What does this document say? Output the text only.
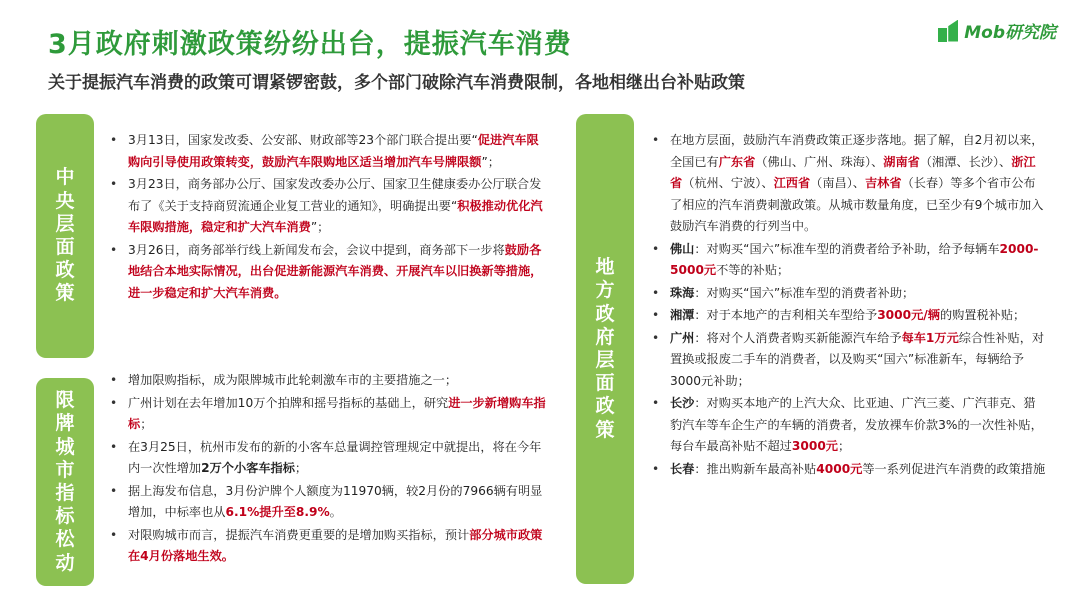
3月政府刺激政策纷纷出台，提振汽车消费
关于提振汽车消费的政策可谓紧锣密鼓，多个部门破除汽车消费限制，各地相继出台补贴政策
Mob研究院
中
央
层
面
政
策
限
牌
城
市
指
标
松
动
地
方
政
府
层
面
政
策
• 3月13日，国家发改委、公安部、财政部等23个部门联合提出要“促进汽车限购向引导使用政策转变，鼓励汽车限购地区适当增加汽车号牌限额”；
• 3月23日，商务部办公厅、国家发改委办公厅、国家卫生健康委办公厅联合发布了《关于支持商贸流通企业复工营业的通知》，明确提出要“积极推动优化汽车限购措施，稳定和扩大汽车消费”；
• 3月26日，商务部举行线上新闻发布会，会议中提到，商务部下一步将鼓励各地结合本地实际情况，出台促进新能源汽车消费、开展汽车以旧换新等措施，进一步稳定和扩大汽车消费。
• 增加限购指标，成为限牌城市此轮刺激车市的主要措施之一；
• 广州计划在去年增加10万个拍牌和摇号指标的基础上，研究进一步新增购车指标；
• 在3月25日，杭州市发布的新的小客车总量调控管理规定中就提出，将在今年内一次性增加2万个小客车指标；
• 据上海发布信息，3月份沪牌个人额度为11970辆，较2月份的7966辆有明显增加，中标率也从6.1%提升至8.9%。
• 对限购城市而言，提振汽车消费更重要的是增加购买指标，预计部分城市政策在4月份落地生效。
• 在地方层面，鼓励汽车消费政策正逐步落地。据了解，自2月初以来，全国已有广东省（佛山、广州、珠海）、湖南省（湘潭、长沙）、浙江省（杭州、宁波）、江西省（南昌）、吉林省（长春）等多个省市公布了相应的汽车消费刺激政策。从城市数量角度，已至少有9个城市加入鼓励汽车消费的行列当中。
• 佛山：对购买“国六”标准车型的消费者给予补助，给予每辆车2000-5000元不等的补贴；
• 珠海：对购买“国六”标准车型的消费者补助；
• 湘潭：对于本地产的吉利相关车型给予3000元/辆的购置税补贴；
• 广州：将对个人消费者购买新能源汽车给予每车1万元综合性补贴，对置换或报废二手车的消费者，以及购买“国六”标准新车，每辆给予3000元补助；
• 长沙：对购买本地产的上汽大众、比亚迪、广汽三菱、广汽菲克、猎豹汽车等车企生产的车辆的消费者，发放裸车价款3%的一次性补贴，每台车最高补贴不超过3000元；
• 长春：推出购新车最高补贴4000元等一系列促进汽车消费的政策措施
